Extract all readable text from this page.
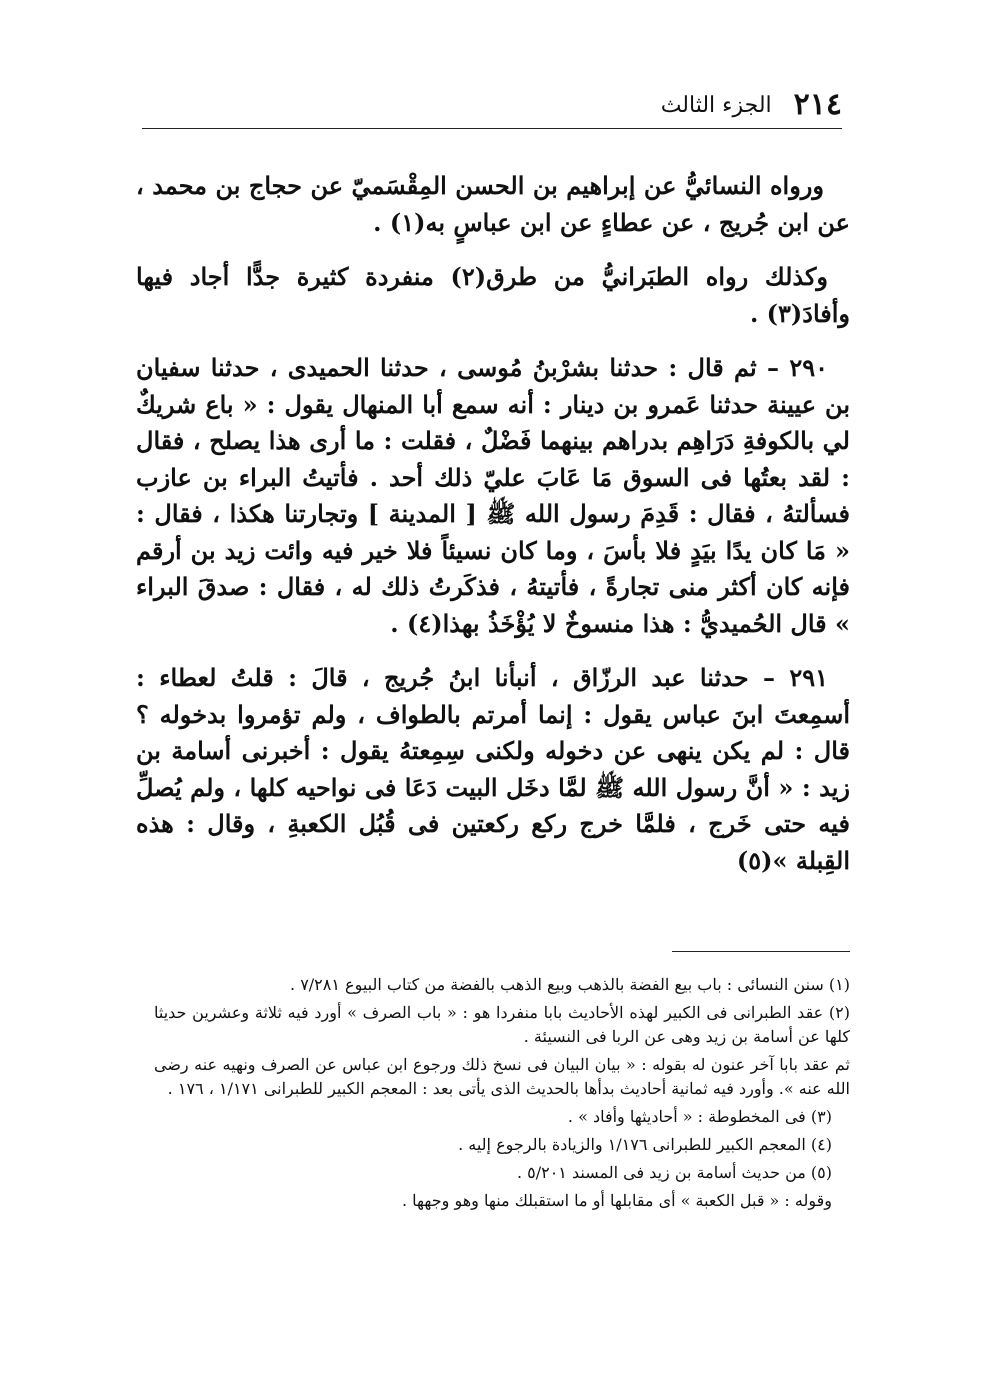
٢١٤
الجزء الثالث

ورواه النسائيُّ عن إبراهيم بن الحسن المِقْسَميّ عن حجاج بن محمد ، عن ابن جُريج ، عن عطاءٍ عن ابن عباسٍ به(١) .

وكذلك رواه الطبَرانيُّ من طرق(٢) منفردة كثيرة جدًّا أجاد فيها وأفادَ(٣) .

٢٩٠ – ثم قال : حدثنا بشرْبنُ مُوسى ، حدثنا الحميدى ، حدثنا سفيان بن عيينة حدثنا عَمرو بن دينار : أنه سمع أبا المنهال يقول : « باع شريكٌ لي بالكوفةِ دَرَاهِم بدراهم بينهما فَضْلٌ ، فقلت : ما أرى هذا يصلح ، فقال : لقد بعتُها فى السوق مَا عَابَ عليّ ذلك أحد . فأتيتُ البراء بن عازب فسألتهُ ، فقال : قَدِمَ رسول الله ﷺ [ المدينة ] وتجارتنا هكذا ، فقال : « مَا كان يدًا بيَدٍ فلا بأسَ ، وما كان نسيئاً فلا خير فيه وائت زيد بن أرقم فإنه كان أكثر منى تجارةً ، فأتيتهُ ، فذكَرتُ ذلك له ، فقال : صدقَ البراء » قال الحُميديُّ : هذا منسوخٌ لا يُؤْخَذُ بهذا(٤) .

٢٩١ – حدثنا عبد الرزّاق ، أنبأنا ابنُ جُريج ، قالَ : قلتُ لعطاء : أسمِعتَ ابنَ عباس يقول : إنما أمرتم بالطواف ، ولم تؤمروا بدخوله ؟ قال : لم يكن ينهى عن دخوله ولكنى سِمِعتهُ يقول : أخبرنى أسامة بن زيد : « أنَّ رسول الله ﷺ لمَّا دخَل البيت دَعَا فى نواحيه كلها ، ولم يُصلِّ فيه حتى خَرج ، فلمَّا خرج ركع ركعتين فى قُبُل الكعبةِ ، وقال : هذه القِبلة »(٥)

(١) سنن النسائى : باب بيع الفضة بالذهب وبيع الذهب بالفضة من كتاب البيوع ٧/٢٨١ .

(٢) عقد الطبرانى فى الكبير لهذه الأحاديث بابا منفردا هو : « باب الصرف » أورد فيه ثلاثة وعشرين حديثا كلها عن أسامة بن زيد وهى عن الربا فى النسيئة .

ثم عقد بابا آخر عنون له بقوله : « بيان البيان فى نسخ ذلك ورجوع ابن عباس عن الصرف ونهيه عنه رضى الله عنه ». وأورد فيه ثمانية أحاديث بدأها بالحديث الذى يأتى بعد : المعجم الكبير للطبرانى ١/١٧١ ، ١٧٦ .

(٣) فى المخطوطة : « أحاديثها وأفاد » .

(٤) المعجم الكبير للطبرانى ١/١٧٦ والزيادة بالرجوع إليه .

(٥) من حديث أسامة بن زيد فى المسند ٥/٢٠١ .

وقوله : « قبل الكعبة » أى مقابلها أو ما استقبلك منها وهو وجهها .
